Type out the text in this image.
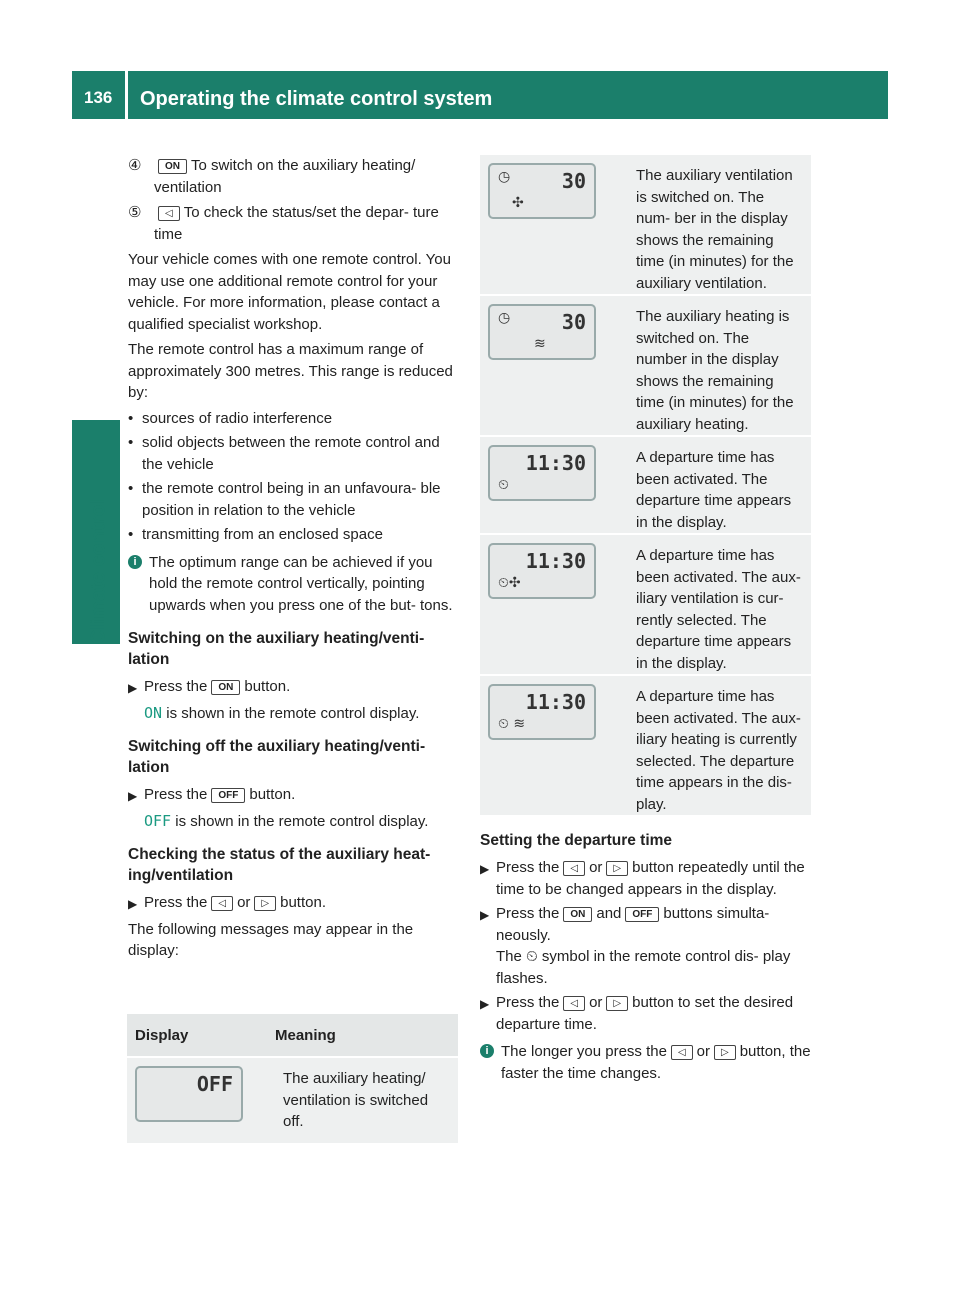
136	Operating the climate control system
Climate control
④	ON To switch on the auxiliary heating/ ventilation
⑤	◁ To check the status/set the depar- ture time

Your vehicle comes with one remote control. You may use one additional remote control for your vehicle. For more information, please contact a qualified specialist workshop.

The remote control has a maximum range of approximately 300 metres. This range is reduced by:

• sources of radio interference
• solid objects between the remote control and the vehicle
• the remote control being in an unfavoura- ble position in relation to the vehicle
• transmitting from an enclosed space
i The optimum range can be achieved if you hold the remote control vertically, pointing upwards when you press one of the but- tons.
Switching on the auxiliary heating/venti- lation
▶ Press the ON button.

ON is shown in the remote control display.

Switching off the auxiliary heating/venti- lation
▶ Press the OFF button.

OFF is shown in the remote control display.

Checking the status of the auxiliary heat- ing/ventilation
▶ Press the ◁ or ▷ button.

The following messages may appear in the display:

Display	Meaning
OFF	The auxiliary heating/ ventilation is switched off.
◷
✣
30	The auxiliary ventilation is switched on. The num- ber in the display shows the remaining time (in minutes) for the auxiliary ventilation.
◷
≋
30	The auxiliary heating is switched on. The number in the display shows the remaining time (in minutes) for the auxiliary heating.
⏲
11:30	A departure time has been activated. The departure time appears in the display.
⏲✣
11:30	A departure time has been activated. The aux- iliary ventilation is cur- rently selected. The departure time appears in the display.
⏲ ≋
11:30	A departure time has been activated. The aux- iliary heating is currently selected. The departure time appears in the dis- play.
Setting the departure time
▶ Press the ◁ or ▷ button repeatedly until the time to be changed appears in the display.
▶ Press the ON and OFF buttons simulta- neously.
The ⏲ symbol in the remote control dis- play flashes.
▶ Press the ◁ or ▷ button to set the desired departure time.
i The longer you press the ◁ or ▷ button, the faster the time changes.
